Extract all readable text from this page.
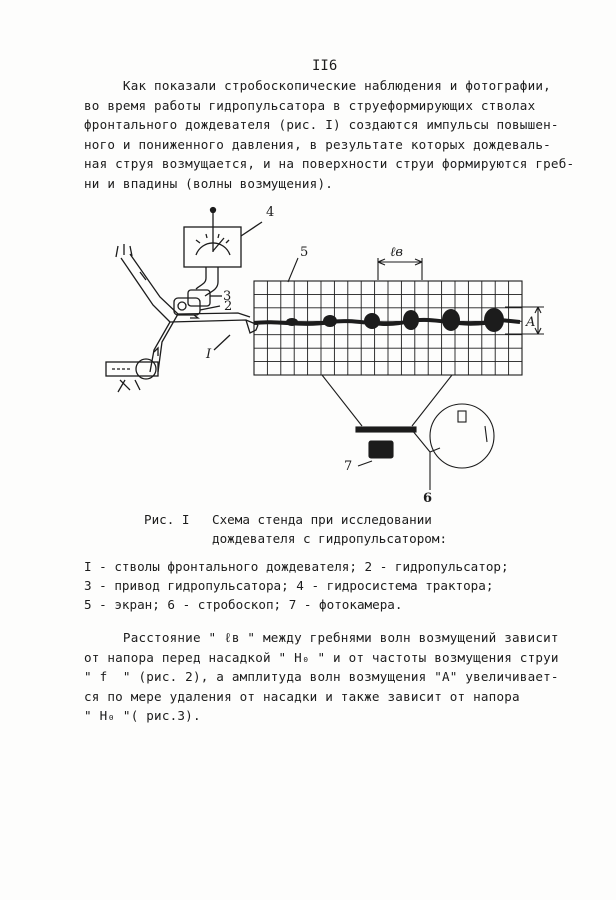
II6

Как показали стробоскопические наблюдения и фотографии,
во время работы гидропульсатора в струеформирующих стволах
фронтального дождевателя (рис. I) создаются импульсы повышен-
ного и пониженного давления, в результате которых дождеваль-
ная струя возмущается, и на поверхности струи формируются греб-
ни и впадины (волны возмущения).

4
5
3
2
I
7
6
ℓв
A
Рис. I Схема стенда при исследовании
дождевателя с гидропульсатором:
I - стволы фронтального дождевателя; 2 - гидропульсатор;
3 - привод гидропульсатора; 4 - гидросистема трактора;
5 - экран; 6 - стробоскоп; 7 - фотокамера.

Расстояние " ℓв " между гребнями волн возмущений зависит
от напора перед насадкой " H₀ " и от частоты возмущения струи
" f  " (рис. 2), а амплитуда волн возмущения "A" увеличивает-
ся по мере удаления от насадки и также зависит от напора
" H₀ "( рис.3).
